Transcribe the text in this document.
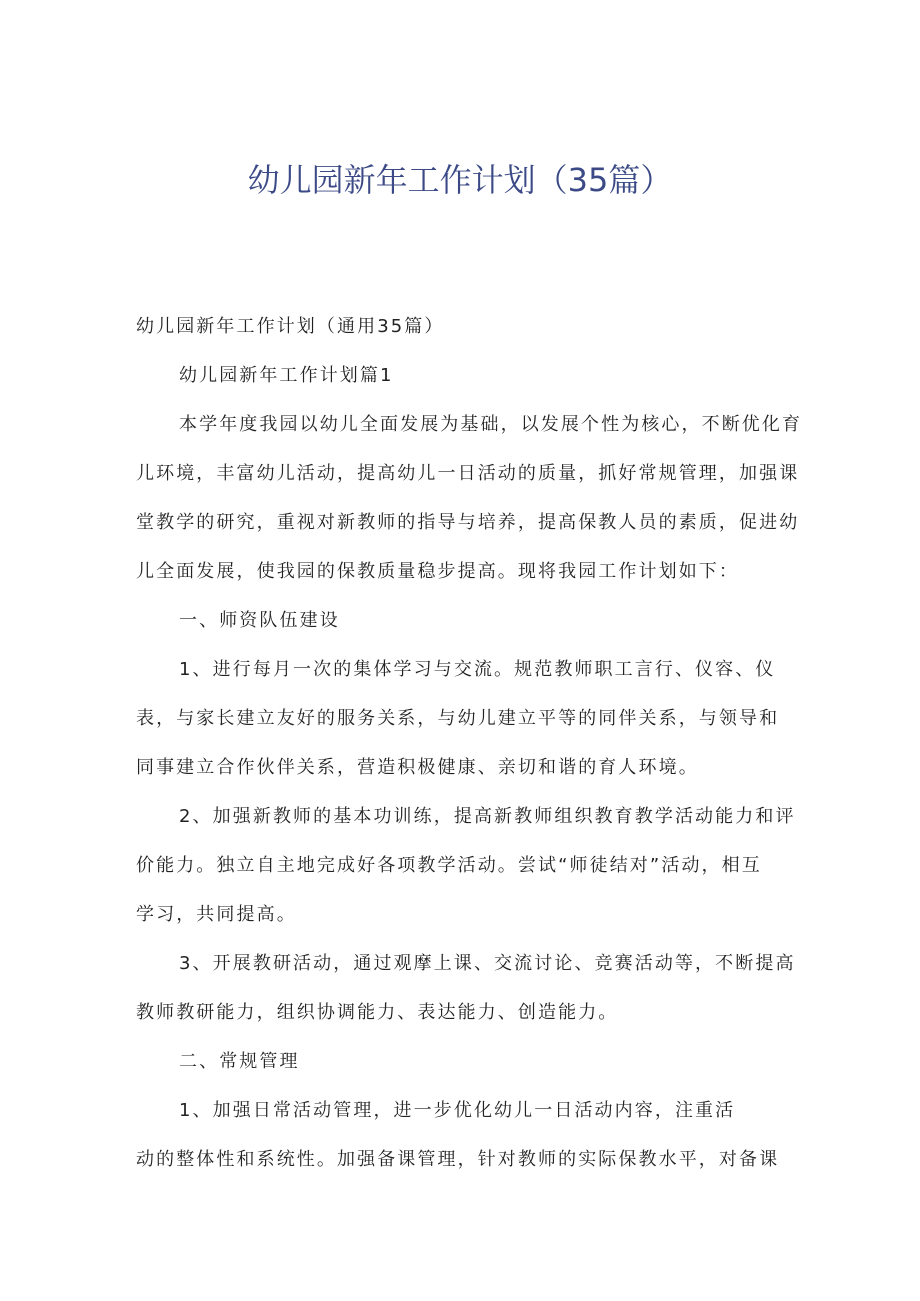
幼儿园新年工作计划（35篇）
幼儿园新年工作计划（通用35篇）
幼儿园新年工作计划篇1
本学年度我园以幼儿全面发展为基础，以发展个性为核心，不断优化育
儿环境，丰富幼儿活动，提高幼儿一日活动的质量，抓好常规管理，加强课
堂教学的研究，重视对新教师的指导与培养，提高保教人员的素质，促进幼
儿全面发展，使我园的保教质量稳步提高。现将我园工作计划如下：
一、师资队伍建设
1、进行每月一次的集体学习与交流。规范教师职工言行、仪容、仪
表，与家长建立友好的服务关系，与幼儿建立平等的同伴关系，与领导和
同事建立合作伙伴关系，营造积极健康、亲切和谐的育人环境。
2、加强新教师的基本功训练，提高新教师组织教育教学活动能力和评
价能力。独立自主地完成好各项教学活动。尝试“师徒结对”活动，相互
学习，共同提高。
3、开展教研活动，通过观摩上课、交流讨论、竞赛活动等，不断提高
教师教研能力，组织协调能力、表达能力、创造能力。
二、常规管理
1、加强日常活动管理，进一步优化幼儿一日活动内容，注重活
动的整体性和系统性。加强备课管理，针对教师的实际保教水平，对备课
